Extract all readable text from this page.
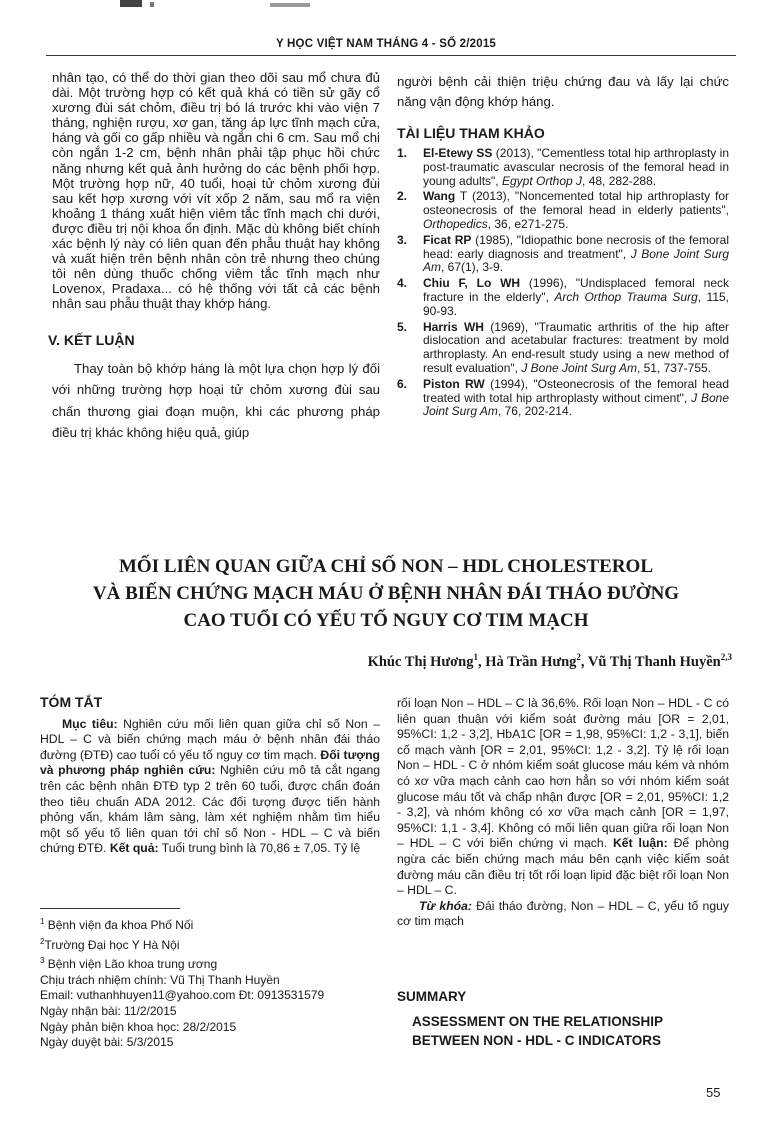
Y HỌC VIỆT NAM THÁNG 4 - SỐ 2/2015

nhân tạo, có thể do thời gian theo dõi sau mổ chưa đủ dài. Một trường hợp có kết quả khá có tiền sử gãy cổ xương đùi sát chỏm, điều trị bó lá trước khi vào viện 7 tháng, nghiện rượu, xơ gan, tăng áp lực tĩnh mạch cửa, háng và gối co gấp nhiều và ngắn chi 6 cm. Sau mổ chi còn ngắn 1-2 cm, bệnh nhân phải tập phục hồi chức năng nhưng kết quả ảnh hưởng do các bệnh phối hợp. Một trường hợp nữ, 40 tuổi, hoại tử chỏm xương đùi sau kết hợp xương với vít xốp 2 năm, sau mổ ra viện khoảng 1 tháng xuất hiện viêm tắc tĩnh mạch chi dưới, được điều trị nội khoa ổn định. Mặc dù không biết chính xác bệnh lý này có liên quan đến phẫu thuật hay không và xuất hiện trên bệnh nhân còn trẻ nhưng theo chúng tôi nên dùng thuốc chống viêm tắc tĩnh mạch như Lovenox, Pradaxa... có hệ thống với tất cả các bệnh nhân sau phẫu thuật thay khớp háng.

V. KẾT LUẬN

Thay toàn bộ khớp háng là một lựa chọn hợp lý đối với những trường hợp hoại tử chỏm xương đùi sau chấn thương giai đoạn muộn, khi các phương pháp điều trị khác không hiệu quả, giúp

người bệnh cải thiện triệu chứng đau và lấy lại chức năng vận động khớp háng.

TÀI LIỆU THAM KHẢO
1. El-Etewy SS (2013), "Cementless total hip arthroplasty in post-traumatic avascular necrosis of the femoral head in young adults", Egypt Orthop J, 48, 282-288.
2. Wang T (2013), "Noncemented total hip arthroplasty for osteonecrosis of the femoral head in elderly patients", Orthopedics, 36, e271-275.
3. Ficat RP (1985), "Idiopathic bone necrosis of the femoral head: early diagnosis and treatment", J Bone Joint Surg Am, 67(1), 3-9.
4. Chiu F, Lo WH (1996), "Undisplaced femoral neck fracture in the elderly", Arch Orthop Trauma Surg, 115, 90-93.
5. Harris WH (1969), "Traumatic arthritis of the hip after dislocation and acetabular fractures: treatment by mold arthroplasty. An end-result study using a new method of result evaluation", J Bone Joint Surg Am, 51, 737-755.
6. Piston RW (1994), "Osteonecrosis of the femoral head treated with total hip arthroplasty without ciment", J Bone Joint Surg Am, 76, 202-214.
MỐI LIÊN QUAN GIỮA CHỈ SỐ NON – HDL CHOLESTEROL
VÀ BIẾN CHỨNG MẠCH MÁU Ở BỆNH NHÂN ĐÁI THÁO ĐƯỜNG
CAO TUỔI CÓ YẾU TỐ NGUY CƠ TIM MẠCH
Khúc Thị Hương$^1$, Hà Trần Hưng$^2$, Vũ Thị Thanh Huyền$^{2,3}$
TÓM TẮT

Mục tiêu: Nghiên cứu mối liên quan giữa chỉ số Non – HDL – C và biến chứng mạch máu ở bệnh nhân đái tháo đường (ĐTĐ) cao tuổi có yếu tố nguy cơ tim mạch. Đối tượng và phương pháp nghiên cứu: Nghiên cứu mô tả cắt ngang trên các bệnh nhân ĐTĐ typ 2 trên 60 tuổi, được chẩn đoán theo tiêu chuẩn ADA 2012. Các đối tượng được tiến hành phỏng vấn, khám lâm sàng, làm xét nghiệm nhằm tìm hiểu một số yếu tố liên quan tới chỉ số Non - HDL – C và biến chứng ĐTĐ. Kết quả: Tuổi trung bình là 70,86 ± 7,05. Tỷ lệ

$^1$ Bệnh viện đa khoa Phố Nối
$^2$Trường Đại học Y Hà Nội
$^3$ Bệnh viện Lão khoa trung ương
Chịu trách nhiệm chính: Vũ Thị Thanh Huyền
Email: vuthanhhuyen11@yahoo.com Đt: 0913531579
Ngày nhận bài: 11/2/2015
Ngày phản biện khoa học: 28/2/2015
Ngày duyệt bài: 5/3/2015

rối loạn Non – HDL – C là 36,6%. Rối loạn Non – HDL - C có liên quan thuận với kiểm soát đường máu [OR = 2,01, 95%CI: 1,2 - 3,2], HbA1C [OR = 1,98, 95%CI: 1,2 - 3,1], biến cố mạch vành [OR = 2,01, 95%CI: 1,2 - 3,2]. Tỷ lệ rối loạn Non – HDL - C ở nhóm kiểm soát glucose máu kém và nhóm có xơ vữa mạch cảnh cao hơn hẳn so với nhóm kiểm soát glucose máu tốt và chấp nhận được [OR = 2,01, 95%CI: 1,2 - 3,2], và nhóm không có xơ vữa mạch cảnh [OR = 1,97, 95%CI: 1,1 - 3,4]. Không có mối liên quan giữa rối loạn Non – HDL – C với biến chứng vi mạch. Kết luận: Để phòng ngừa các biến chứng mạch máu bên cạnh việc kiểm soát đường máu cần điều trị tốt rối loạn lipid đặc biệt rối loạn Non – HDL – C.

Từ khóa: Đái tháo đường, Non – HDL – C, yếu tố nguy cơ tim mạch

SUMMARY
ASSESSMENT ON THE RELATIONSHIP
BETWEEN NON - HDL - C INDICATORS
55
